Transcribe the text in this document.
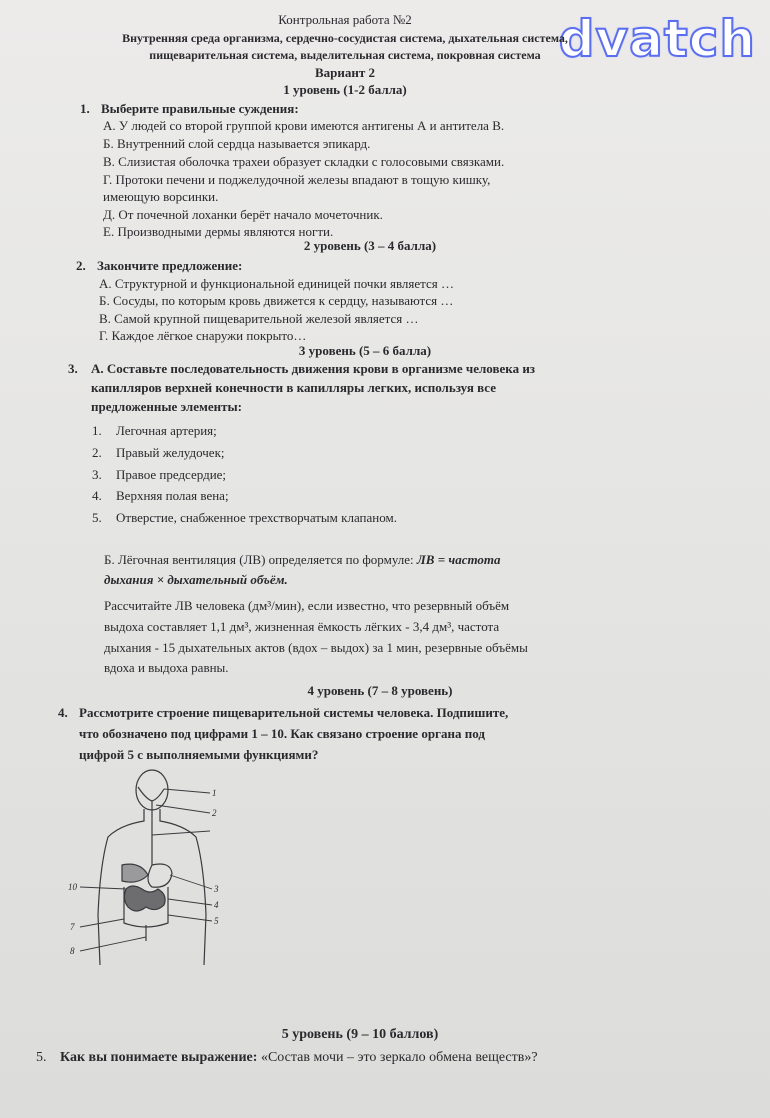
dvatch
Контрольная работа №2
Внутренняя среда организма, сердечно-сосудистая система, дыхательная система,
пищеварительная система, выделительная система, покровная система
Вариант 2
1 уровень (1-2 балла)
1. Выберите правильные суждения:
А. У людей со второй группой крови имеются антигены А и антитела В.
Б. Внутренний слой сердца называется эпикард.
В. Слизистая оболочка трахеи образует складки с голосовыми связками.
Г. Протоки печени и поджелудочной железы впадают в тощую кишку,
имеющую ворсинки.
Д. От почечной лоханки берёт начало мочеточник.
Е. Производными дермы являются ногти.
2 уровень (3 – 4 балла)
2. Закончите предложение:
А. Структурной и функциональной единицей почки является …
Б. Сосуды, по которым кровь движется к сердцу, называются …
В. Самой крупной пищеварительной железой является …
Г. Каждое лёгкое снаружи покрыто…
3 уровень (5 – 6 балла)
3. А. Составьте последовательность движения крови в организме человека из
капилляров верхней конечности в капилляры легких, используя все
предложенные элементы:
1. Легочная артерия;
2. Правый желудочек;
3. Правое предсердие;
4. Верхняя полая вена;
5. Отверстие, снабженное трехстворчатым клапаном.
Б. Лёгочная вентиляция (ЛВ) определяется по формуле: ЛВ = частота
дыхания × дыхательный объём.
Рассчитайте ЛВ человека (дм³/мин), если известно, что резервный объём
выдоха составляет 1,1 дм³, жизненная ёмкость лёгких - 3,4 дм³, частота
дыхания - 15 дыхательных актов (вдох – выдох) за 1 мин, резервные объёмы
вдоха и выдоха равны.
4 уровень (7 – 8 уровень)
4. Рассмотрите строение пищеварительной системы человека. Подпишите,
что обозначено под цифрами 1 – 10. Как связано строение органа под
цифрой 5 с выполняемыми функциями?
10
7
8
1
2
3
4
5
5 уровень (9 – 10 баллов)
5. Как вы понимаете выражение: «Состав мочи – это зеркало обмена веществ»?
